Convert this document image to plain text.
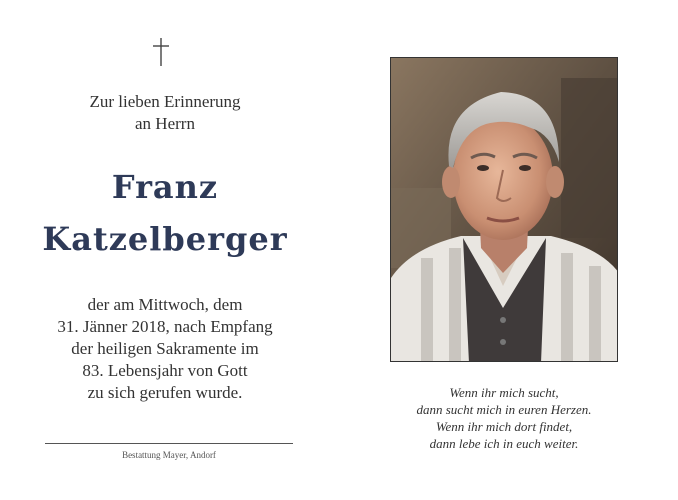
Zur lieben Erinnerung
an Herrn
Franz
Katzelberger
der am Mittwoch, dem
31. Jänner 2018, nach Empfang
der heiligen Sakramente im
83. Lebensjahr von Gott
zu sich gerufen wurde.
Bestattung Mayer, Andorf
Wenn ihr mich sucht,
dann sucht mich in euren Herzen.
Wenn ihr mich dort findet,
dann lebe ich in euch weiter.
